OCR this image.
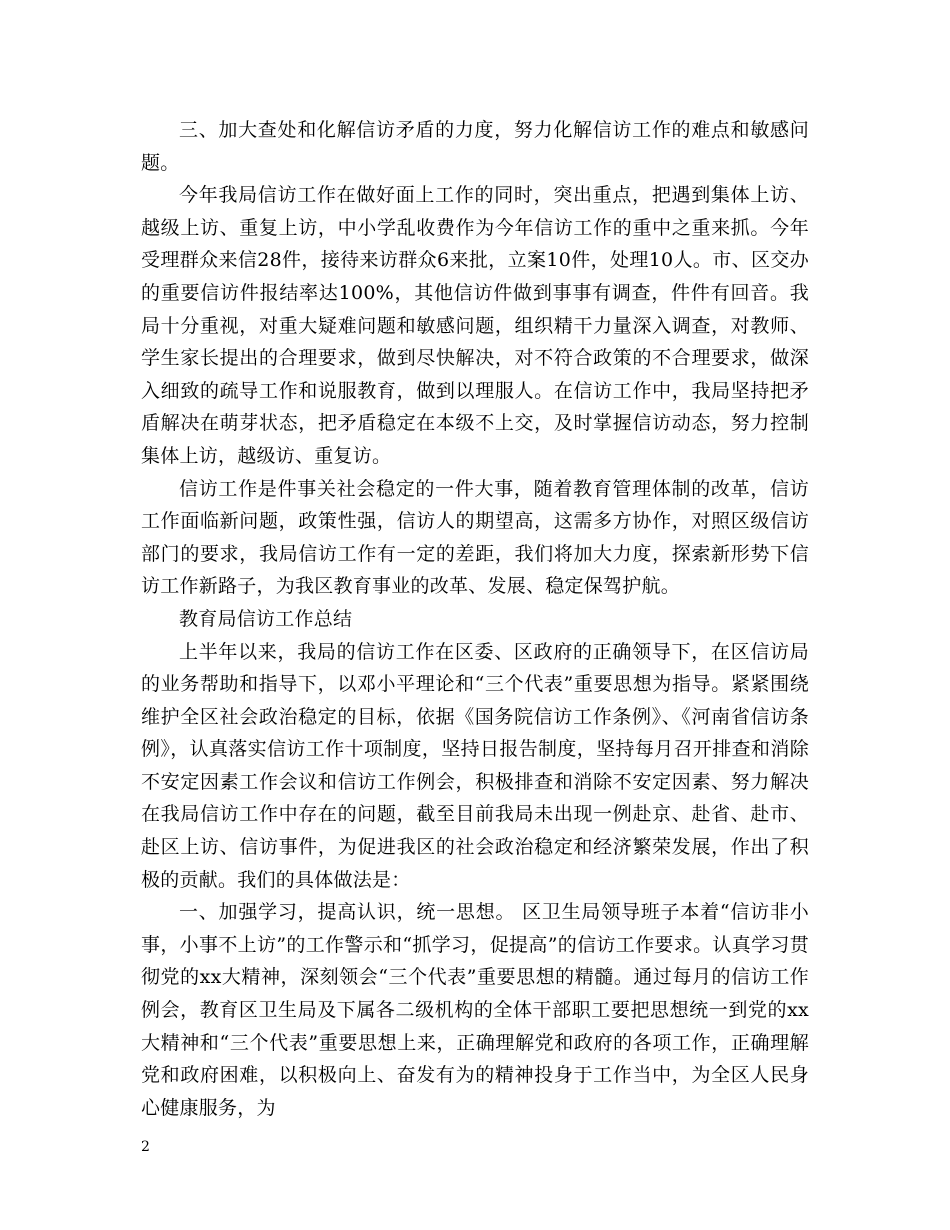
三、加大查处和化解信访矛盾的力度，努力化解信访工作的难点和敏感问题。

今年我局信访工作在做好面上工作的同时，突出重点，把遇到集体上访、越级上访、重复上访，中小学乱收费作为今年信访工作的重中之重来抓。今年受理群众来信28件，接待来访群众6来批，立案10件，处理10人。市、区交办的重要信访件报结率达100%，其他信访件做到事事有调查，件件有回音。我局十分重视，对重大疑难问题和敏感问题，组织精干力量深入调查，对教师、学生家长提出的合理要求，做到尽快解决，对不符合政策的不合理要求，做深入细致的疏导工作和说服教育，做到以理服人。在信访工作中，我局坚持把矛盾解决在萌芽状态，把矛盾稳定在本级不上交，及时掌握信访动态，努力控制集体上访，越级访、重复访。

信访工作是件事关社会稳定的一件大事，随着教育管理体制的改革，信访工作面临新问题，政策性强，信访人的期望高，这需多方协作，对照区级信访部门的要求，我局信访工作有一定的差距，我们将加大力度，探索新形势下信访工作新路子，为我区教育事业的改革、发展、稳定保驾护航。

教育局信访工作总结

上半年以来，我局的信访工作在区委、区政府的正确领导下，在区信访局的业务帮助和指导下，以邓小平理论和“三个代表”重要思想为指导。紧紧围绕维护全区社会政治稳定的目标，依据《国务院信访工作条例》、《河南省信访条例》，认真落实信访工作十项制度，坚持日报告制度，坚持每月召开排查和消除不安定因素工作会议和信访工作例会，积极排查和消除不安定因素、努力解决在我局信访工作中存在的问题，截至目前我局未出现一例赴京、赴省、赴市、赴区上访、信访事件，为促进我区的社会政治稳定和经济繁荣发展，作出了积极的贡献。我们的具体做法是：

一、加强学习，提高认识，统一思想。 区卫生局领导班子本着“信访非小事，小事不上访”的工作警示和“抓学习，促提高”的信访工作要求。认真学习贯彻党的xx大精神，深刻领会“三个代表”重要思想的精髓。通过每月的信访工作例会，教育区卫生局及下属各二级机构的全体干部职工要把思想统一到党的xx大精神和“三个代表”重要思想上来，正确理解党和政府的各项工作，正确理解党和政府困难，以积极向上、奋发有为的精神投身于工作当中，为全区人民身心健康服务，为

2
